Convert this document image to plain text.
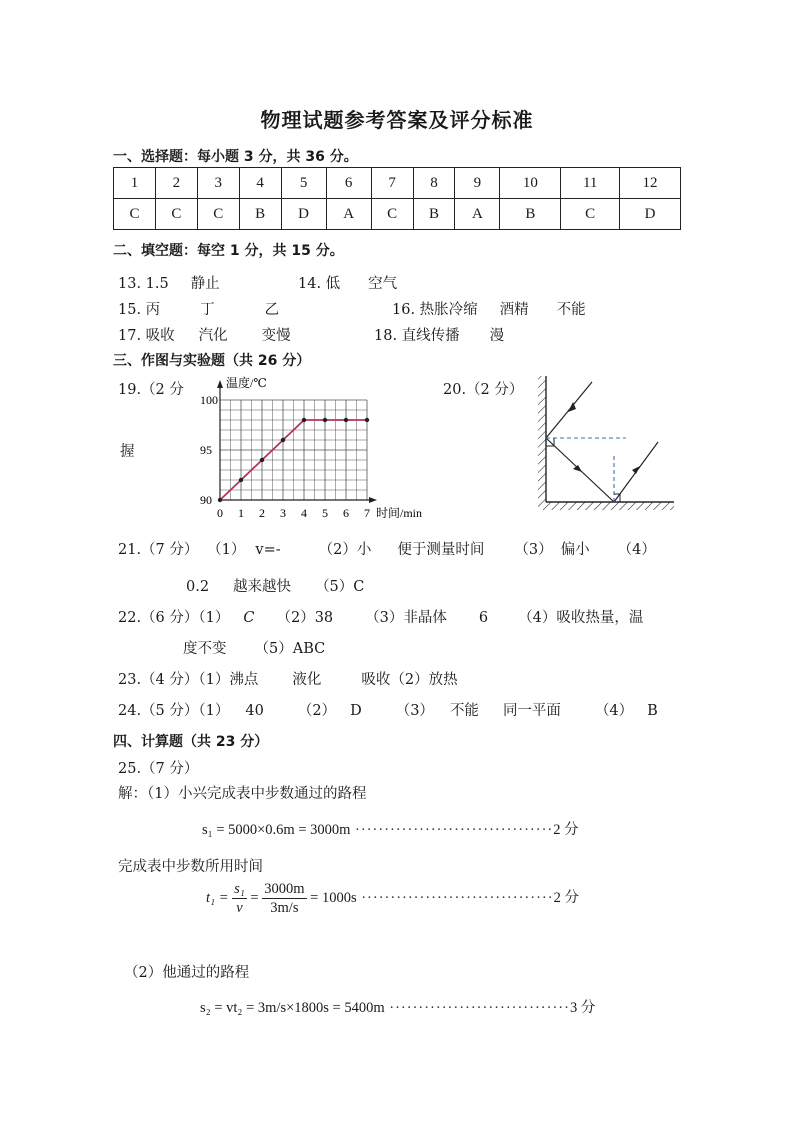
物理试题参考答案及评分标准
一、选择题：每小题 3 分，共 36 分。
1	2	3	4	5	6	7	8	9	10	11	12
C	C	C	B	D	A	C	B	A	B	C	D
二、填空题：每空 1 分，共 15 分。
13. 1.5 静止	14. 低 空气
15. 丙	丁	乙	16. 热胀冷缩 酒精 不能
17. 吸收 汽化 变慢	18. 直线传播 漫
三、作图与实验题（共 26 分）
19.（2 分
握
20.（2 分）
温度/℃
时间/min
0 1 2 3 4 5 6 7
90
95
100
21.（7 分） （1） v=-	（2）小 便于测量时间 （3） 偏小 （4）
0.2 越来越快 （5）C
22.（6 分）（1） C （2）38 （3）非晶体 6 （4）吸收热量，温
度不变 （5）ABC
23.（4 分）（1）沸点 液化	吸收（2）放热
24.（5 分）（1） 40 （2） D （3） 不能 同一平面 （4） B
四、计算题（共 23 分）
25.（7 分）
解：（1）小兴完成表中步数通过的路程
s₁ = 5000×0.6m = 3000m ··································2 分
完成表中步数所用时间
$t_1 = \frac{\text{s₁}}{v} = \frac{3000m}{3m/s} = 1000s \cdot\cdot\cdot\cdot\cdot\cdot\cdot\cdot\cdot\cdot\cdot\cdot\cdot\cdot\cdot\cdot\cdot\cdot\cdot\cdot\cdot\cdot\cdot\cdot\cdot\cdot\cdot\cdot\cdot\cdot\cdot\cdot\cdot 2$ 分
（2）他通过的路程
s₂ = vt₂ = 3m/s×1800s = 5400m ·······························3 分
